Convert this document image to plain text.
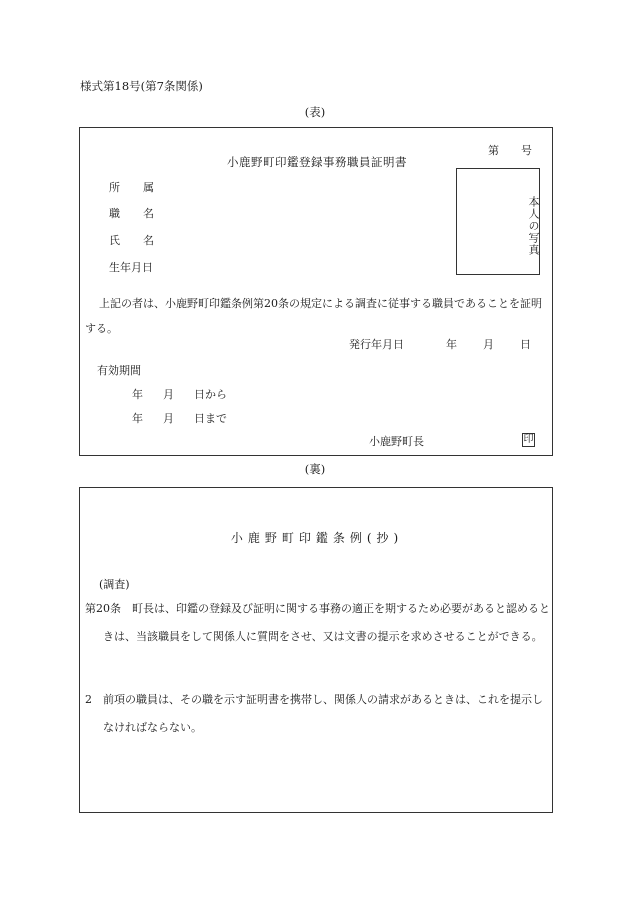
様式第18号(第7条関係)
(表)
第 号
小鹿野町印鑑登録事務職員証明書
所属
職名
氏名
生年月日
本人の写真
上記の者は、小鹿野町印鑑条例第20条の規定による調査に従事する職員であることを証明する。
発行年月日	年 月 日
有効期間
年 月 日から
年 月 日まで
小鹿野町長	印
(裏)
小鹿野町印鑑条例(抄)
(調査)
第20条　町長は、印鑑の登録及び証明に関する事務の適正を期するため必要があると認めるときは、当該職員をして関係人に質問をさせ、又は文書の提示を求めさせることができる。
2　前項の職員は、その職を示す証明書を携帯し、関係人の請求があるときは、これを提示しなければならない。
